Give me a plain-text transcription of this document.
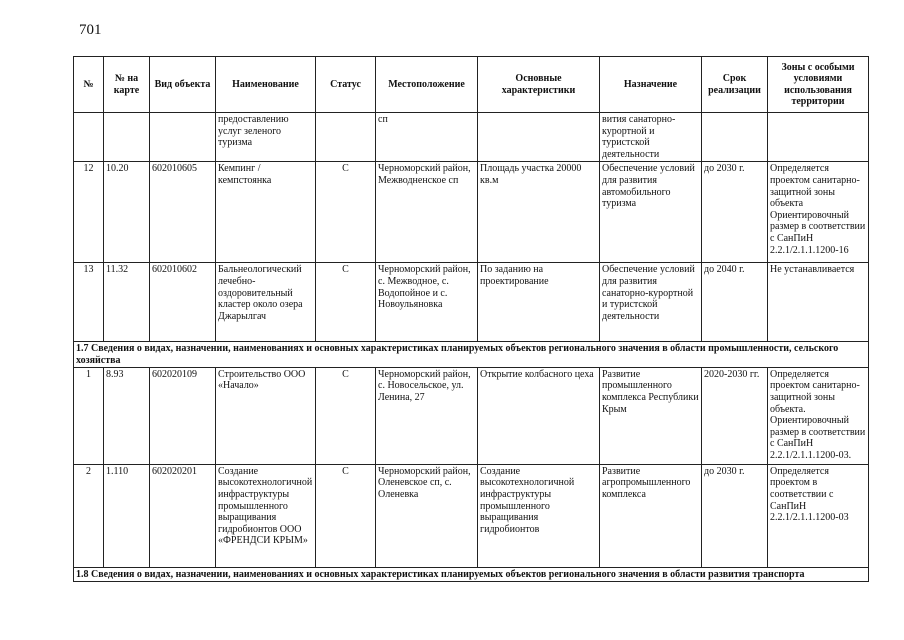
701
№	№ на карте	Вид объекта	Наименование	Статус	Местоположение	Основные характеристики	Назначение	Срок реализации	Зоны с особыми условиями использования территории
			предоставлению услуг зеленого туризма		сп		вития санаторно-курортной и туристской деятельности		
12	10.20	602010605	Кемпинг / кемпстоянка	С	Черноморский район, Межводненское сп	Площадь участка 20000 кв.м	Обеспечение условий для развития автомобильного туризма	до 2030 г.	Определяется проектом санитарно-защитной зоны объекта Ориентировочный размер в соответствии с СанПиН 2.2.1/2.1.1.1200-16
13	11.32	602010602	Бальнеологический лечебно-оздоровительный кластер около озера Джарылгач	С	Черноморский район, с. Межводное, с. Водопойное и с. Новоульяновка	По заданию на проектирование	Обеспечение условий для развития санаторно-курортной и туристской деятельности	до 2040 г.	Не устанавливается
1.7 Сведения о видах, назначении, наименованиях и основных характеристиках планируемых объектов регионального значения в области промышленности, сельского хозяйства									
1	8.93	602020109	Строительство ООО «Начало»	С	Черноморский район, с. Новосельское, ул. Ленина, 27	Открытие колбасного цеха	Развитие промышленного комплекса Республики Крым	2020-2030 гг.	Определяется проектом санитарно-защитной зоны объекта. Ориентировочный размер в соответствии с СанПиН 2.2.1/2.1.1.1200-03.
2	1.110	602020201	Создание высокотехнологичной инфраструктуры промышленного выращивания гидробионтов ООО «ФРЕНДСИ КРЫМ»	С	Черноморский район, Оленевское сп, с. Оленевка	Создание высокотехнологичной инфраструктуры промышленного выращивания гидробионтов	Развитие агропромышленного комплекса	до 2030 г.	Определяется проектом в соответствии с СанПиН 2.2.1/2.1.1.1200-03
1.8 Сведения о видах, назначении, наименованиях и основных характеристиках планируемых объектов регионального значения в области развития транспорта									
